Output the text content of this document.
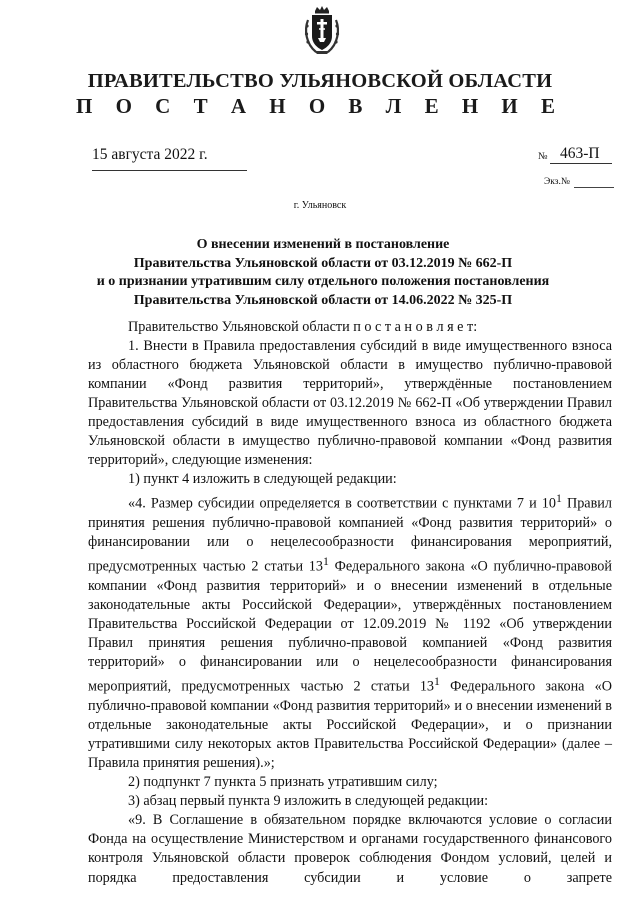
ПРАВИТЕЛЬСТВО УЛЬЯНОВСКОЙ ОБЛАСТИ
П О С Т А Н О В Л Е Н И Е
15 августа 2022 г.	№ 463-П
Экз.№
г. Ульяновск
О внесении изменений в постановление
Правительства Ульяновской области от 03.12.2019 № 662-П
и о признании утратившим силу отдельного положения постановления
Правительства Ульяновской области от 14.06.2022 № 325-П

Правительство Ульяновской области п о с т а н о в л я е т:

1. Внести в Правила предоставления субсидий в виде имущественного взноса из областного бюджета Ульяновской области в имущество публично-правовой компании «Фонд развития территорий», утверждённые постановлением Правительства Ульяновской области от 03.12.2019 № 662-П «Об утверждении Правил предоставления субсидий в виде имущественного взноса из областного бюджета Ульяновской области в имущество публично-правовой компании «Фонд развития территорий», следующие изменения:

1) пункт 4 изложить в следующей редакции:

«4. Размер субсидии определяется в соответствии с пунктами 7 и $10^1$ Правил принятия решения публично-правовой компанией «Фонд развития территорий» о финансировании или о нецелесообразности финансирования мероприятий, предусмотренных частью 2 статьи $13^1$ Федерального закона «О публично-правовой компании «Фонд развития территорий» и о внесении изменений в отдельные законодательные акты Российской Федерации», утверждённых постановлением Правительства Российской Федерации от 12.09.2019 № 1192 «Об утверждении Правил принятия решения публично-правовой компанией «Фонд развития территорий» о финансировании или о нецелесообразности финансирования мероприятий, предусмотренных частью 2 статьи $13^1$ Федерального закона «О публично-правовой компании «Фонд развития территорий» и о внесении изменений в отдельные законодательные акты Российской Федерации», и о признании утратившими силу некоторых актов Правительства Российской Федерации» (далее – Правила принятия решения).»;

2) подпункт 7 пункта 5 признать утратившим силу;

3) абзац первый пункта 9 изложить в следующей редакции:

«9. В Соглашение в обязательном порядке включаются условие о согласии Фонда на осуществление Министерством и органами государственного финансового контроля Ульяновской области проверок соблюдения Фондом условий, целей и порядка предоставления субсидии и условие о запрете
